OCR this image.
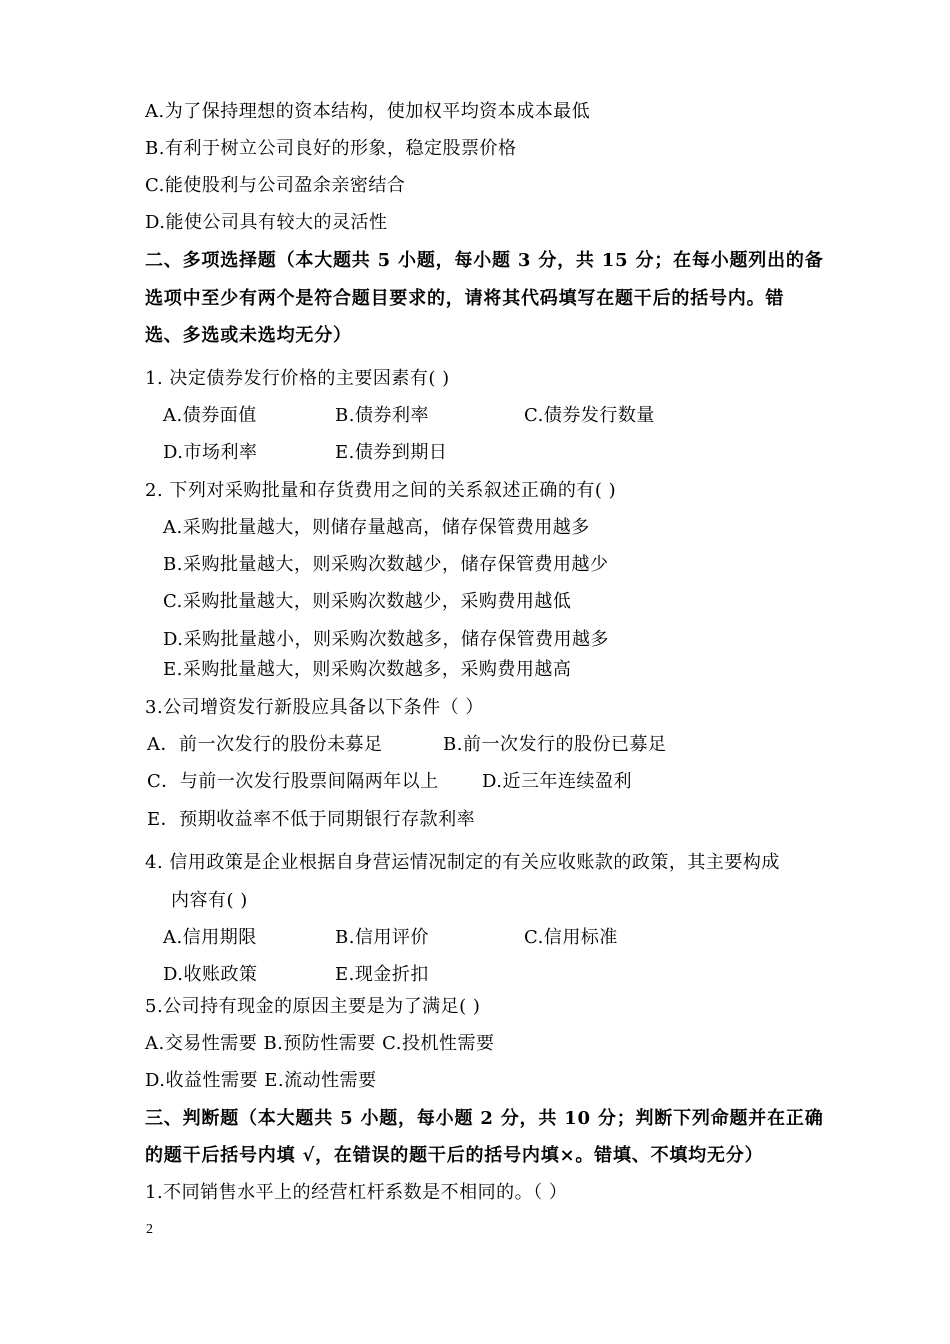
A.为了保持理想的资本结构，使加权平均资本成本最低
B.有利于树立公司良好的形象，稳定股票价格
C.能使股利与公司盈余亲密结合
D.能使公司具有较大的灵活性
二、多项选择题（本大题共 5 小题，每小题 3 分，共 15 分；在每小题列出的备
选项中至少有两个是符合题目要求的，请将其代码填写在题干后的括号内。错
选、多选或未选均无分）
1. 决定债券发行价格的主要因素有( )
A.债券面值	B.债券利率	C.债券发行数量
D.市场利率	E.债券到期日
2. 下列对采购批量和存货费用之间的关系叙述正确的有( )
A.采购批量越大，则储存量越高，储存保管费用越多
B.采购批量越大，则采购次数越少，储存保管费用越少
C.采购批量越大，则采购次数越少，采购费用越低
D.采购批量越小，则采购次数越多，储存保管费用越多
E.采购批量越大，则采购次数越多，采购费用越高
3.公司增资发行新股应具备以下条件（ ）
A．前一次发行的股份未募足	B.前一次发行的股份已募足
C．与前一次发行股票间隔两年以上 D.近三年连续盈利
E．预期收益率不低于同期银行存款利率
4. 信用政策是企业根据自身营运情况制定的有关应收账款的政策，其主要构成
内容有( )
A.信用期限	B.信用评价	C.信用标准
D.收账政策	E.现金折扣
5.公司持有现金的原因主要是为了满足( )
A.交易性需要 B.预防性需要 C.投机性需要
D.收益性需要 E.流动性需要
三、判断题（本大题共 5 小题，每小题 2 分，共 10 分；判断下列命题并在正确
的题干后括号内填 √，在错误的题干后的括号内填×。错填、不填均无分）
1.不同销售水平上的经营杠杆系数是不相同的。（ ）
2
